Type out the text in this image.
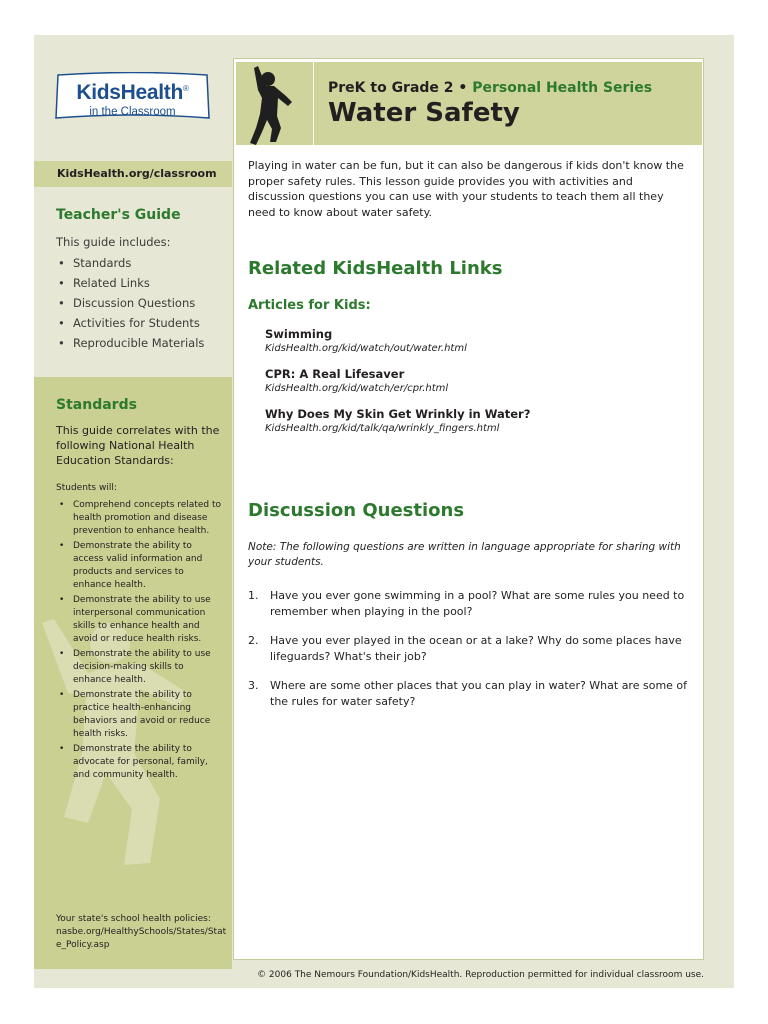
KidsHealth®
in the Classroom
KidsHealth.org/classroom
Teacher's Guide
This guide includes:
• Standards
• Related Links
• Discussion Questions
• Activities for Students
• Reproducible Materials
Standards
This guide correlates with the following National Health Education Standards:
Students will:
• Comprehend concepts related to health promotion and disease prevention to enhance health.
• Demonstrate the ability to access valid information and products and services to enhance health.
• Demonstrate the ability to use interpersonal communication skills to enhance health and avoid or reduce health risks.
• Demonstrate the ability to use decision-making skills to enhance health.
• Demonstrate the ability to practice health-enhancing behaviors and avoid or reduce health risks.
• Demonstrate the ability to advocate for personal, family, and community health.
Your state's school health policies:
nasbe.org/HealthySchools/States/State_Policy.asp
PreK to Grade 2 • Personal Health Series
Water Safety
Playing in water can be fun, but it can also be dangerous if kids don't know the proper safety rules. This lesson guide provides you with activities and discussion questions you can use with your students to teach them all they need to know about water safety.
Related KidsHealth Links
Articles for Kids:
Swimming
KidsHealth.org/kid/watch/out/water.html
CPR: A Real Lifesaver
KidsHealth.org/kid/watch/er/cpr.html
Why Does My Skin Get Wrinkly in Water?
KidsHealth.org/kid/talk/qa/wrinkly_fingers.html
Discussion Questions
Note: The following questions are written in language appropriate for sharing with your students.
1. Have you ever gone swimming in a pool? What are some rules you need to remember when playing in the pool?
2. Have you ever played in the ocean or at a lake? Why do some places have lifeguards? What's their job?
3. Where are some other places that you can play in water? What are some of the rules for water safety?
© 2006 The Nemours Foundation/KidsHealth. Reproduction permitted for individual classroom use.
